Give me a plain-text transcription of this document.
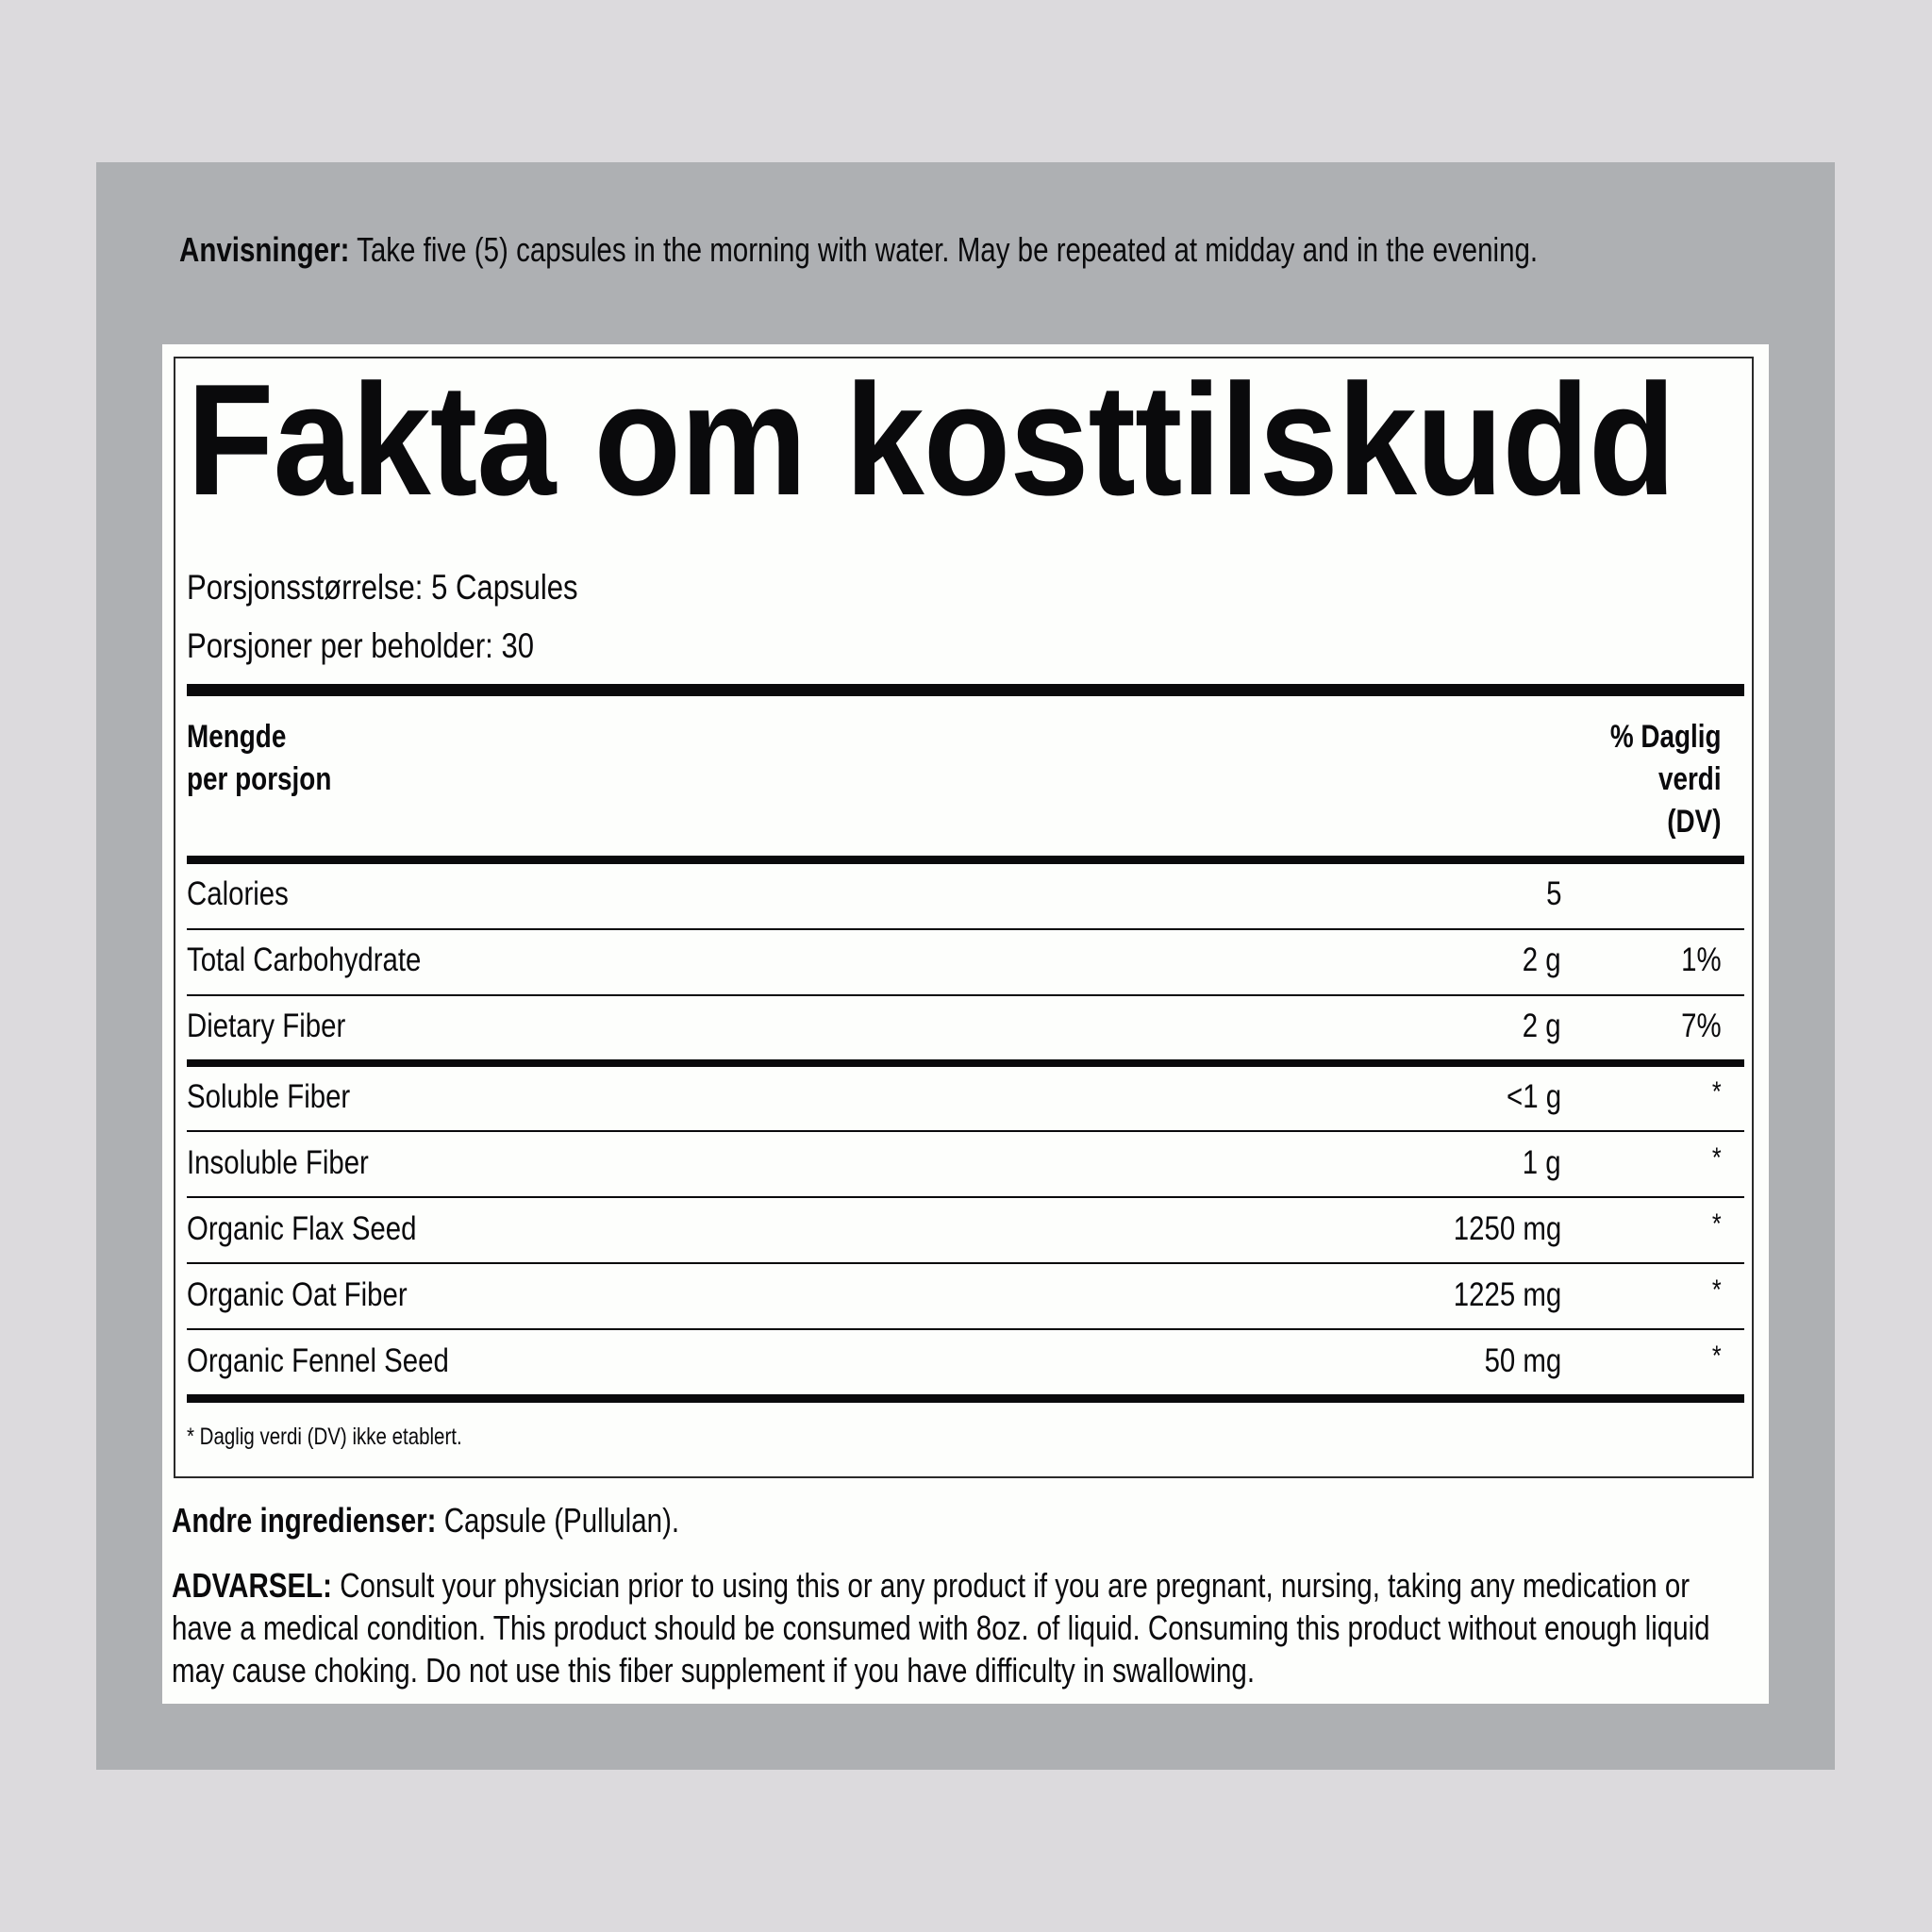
Anvisninger: Take five (5) capsules in the morning with water. May be repeated at midday and in the evening.
Fakta om kosttilskudd
Porsjonsstørrelse: 5 Capsules
Porsjoner per beholder: 30
Mengde
per porsjon
% Daglig
verdi
(DV)
Calories	5
Total Carbohydrate	2 g	1%
Dietary Fiber	2 g	7%
Soluble Fiber	<1 g	*
Insoluble Fiber	1 g	*
Organic Flax Seed	1250 mg	*
Organic Oat Fiber	1225 mg	*
Organic Fennel Seed	50 mg	*
* Daglig verdi (DV) ikke etablert.
Andre ingredienser: Capsule (Pullulan).
ADVARSEL: Consult your physician prior to using this or any product if you are pregnant, nursing, taking any medication or have a medical condition. This product should be consumed with 8oz. of liquid. Consuming this product without enough liquid may cause choking. Do not use this fiber supplement if you have difficulty in swallowing.
